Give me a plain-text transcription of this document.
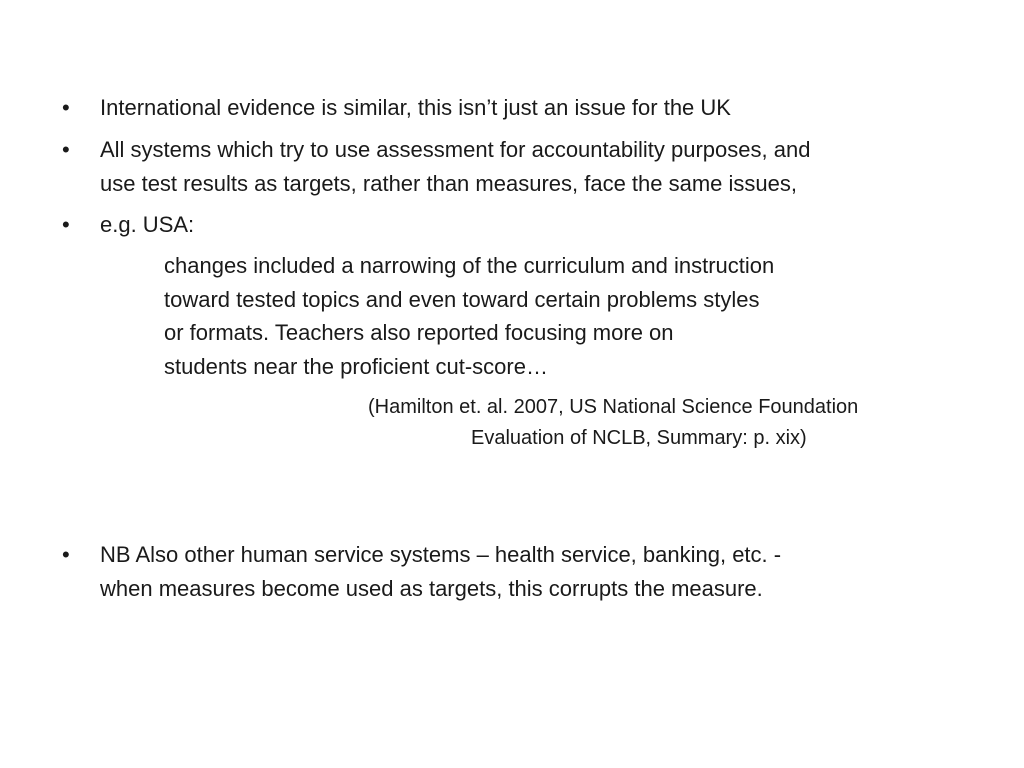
• International evidence is similar, this isn’t just an issue for the UK
• All systems which try to use assessment for accountability purposes, and
use test results as targets, rather than measures, face the same issues,
• e.g. USA:
changes included a narrowing of the curriculum and instruction
toward tested topics and even toward certain problems styles
or formats. Teachers also reported focusing more on
students near the proficient cut-score…
(Hamilton et. al. 2007, US National Science Foundation
Evaluation of NCLB, Summary: p. xix)
• NB Also other human service systems – health service, banking, etc. -
when measures become used as targets, this corrupts the measure.
